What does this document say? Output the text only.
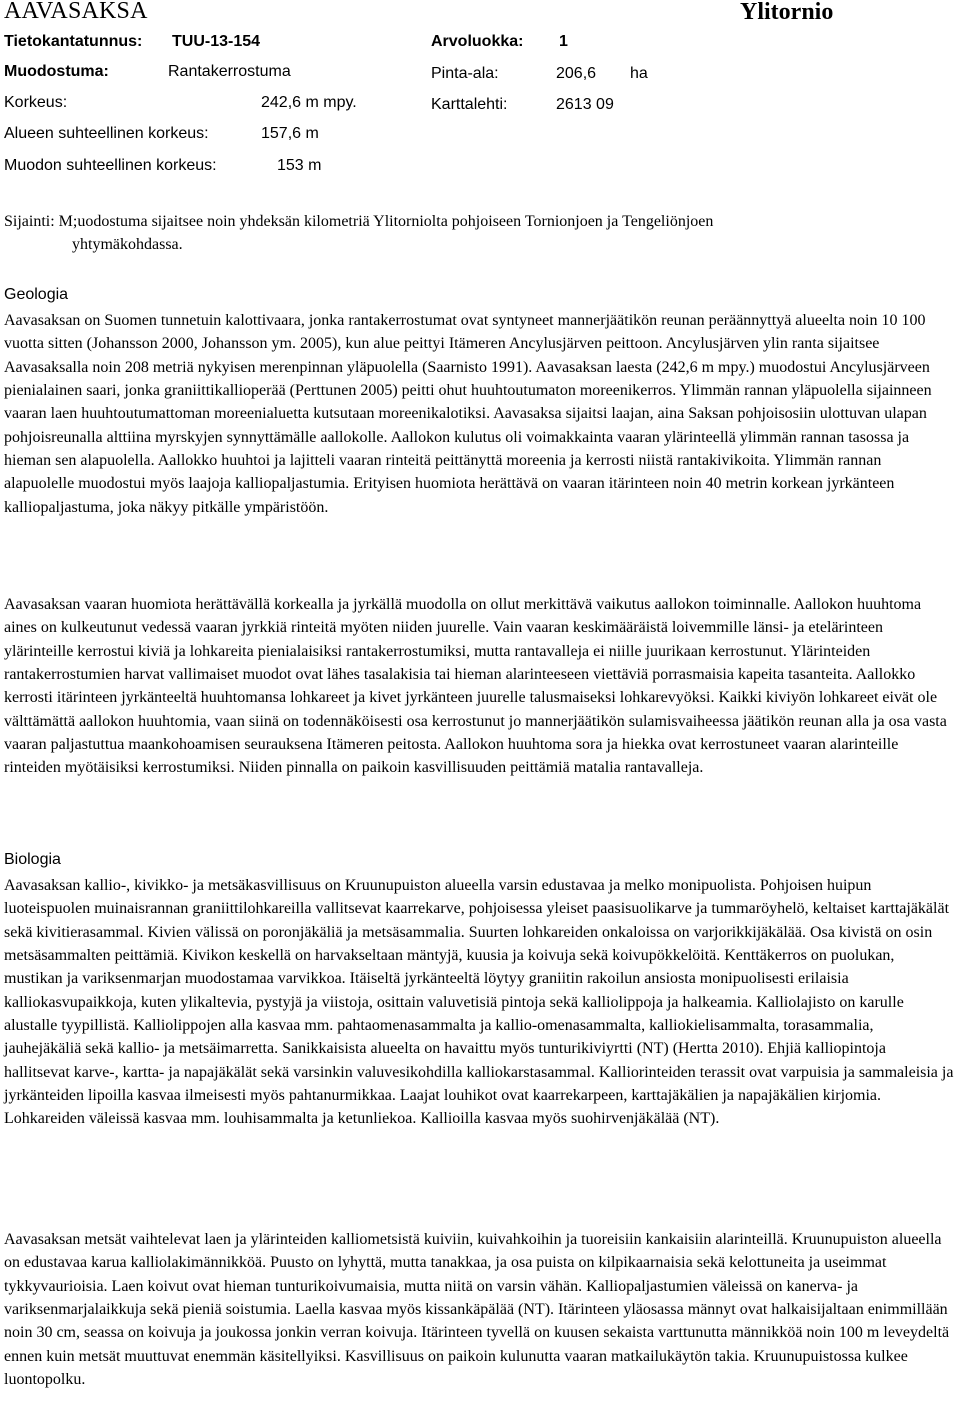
AAVASAKSA	Ylitornio
Tietokantatunnus: TUU-13-154	Arvoluokka: 1
Muodostuma:	Rantakerrostuma	Pinta-ala:	206,6 ha
Korkeus:	242,6 m mpy.	Karttalehti:	2613 09
Alueen suhteellinen korkeus:	157,6 m
Muodon suhteellinen korkeus:	153 m
Sijainti: M;uodostuma sijaitsee noin yhdeksän kilometriä Ylitorniolta pohjoiseen Tornionjoen ja Tengeliönjoen
yhtymäkohdassa.
Geologia
Aavasaksan on Suomen tunnetuin kalottivaara, jonka rantakerrostumat ovat syntyneet mannerjäätikön reunan peräännyttyä alueelta noin 10 100 vuotta sitten (Johansson 2000, Johansson ym. 2005), kun alue peittyi Itämeren Ancylusjärven peittoon. Ancylusjärven ylin ranta sijaitsee Aavasaksalla noin 208 metriä nykyisen merenpinnan yläpuolella (Saarnisto 1991). Aavasaksan laesta (242,6 m mpy.) muodostui Ancylusjärveen pienialainen saari, jonka graniittikallioperää (Perttunen 2005) peitti ohut huuhtoutumaton moreenikerros. Ylimmän rannan yläpuolella sijainneen vaaran laen huuhtoutumattoman moreenialuetta kutsutaan moreenikalotiksi. Aavasaksa sijaitsi laajan, aina Saksan pohjoisosiin ulottuvan ulapan pohjoisreunalla alttiina myrskyjen synnyttämälle aallokolle. Aallokon kulutus oli voimakkainta vaaran ylärinteellä ylimmän rannan tasossa ja hieman sen alapuolella. Aallokko huuhtoi ja lajitteli vaaran rinteitä peittänyttä moreenia ja kerrosti niistä rantakivikoita. Ylimmän rannan alapuolelle muodostui myös laajoja kalliopaljastumia. Erityisen huomiota herättävä on vaaran itärinteen noin 40 metrin korkean jyrkänteen kalliopaljastuma, joka näkyy pitkälle ympäristöön.
Aavasaksan vaaran huomiota herättävällä korkealla ja jyrkällä muodolla on ollut merkittävä vaikutus aallokon toiminnalle. Aallokon huuhtoma aines on kulkeutunut vedessä vaaran jyrkkiä rinteitä myöten niiden juurelle. Vain vaaran keskimääräistä loivemmille länsi- ja etelärinteen ylärinteille kerrostui kiviä ja lohkareita pienialaisiksi rantakerrostumiksi, mutta rantavalleja ei niille juurikaan kerrostunut. Ylärinteiden rantakerrostumien harvat vallimaiset muodot ovat lähes tasalakisia tai hieman alarinteeseen viettäviä porrasmaisia kapeita tasanteita. Aallokko kerrosti itärinteen jyrkänteeltä huuhtomansa lohkareet ja kivet jyrkänteen juurelle talusmaiseksi lohkarevyöksi. Kaikki kiviyön lohkareet eivät ole välttämättä aallokon huuhtomia, vaan siinä on todennäköisesti osa kerrostunut jo mannerjäätikön sulamisvaiheessa jäätikön reunan alla ja osa vasta vaaran paljastuttua maankohoamisen seurauksena Itämeren peitosta. Aallokon huuhtoma sora ja hiekka ovat kerrostuneet vaaran alarinteille rinteiden myötäisiksi kerrostumiksi. Niiden pinnalla on paikoin kasvillisuuden peittämiä matalia rantavalleja.
Biologia
Aavasaksan kallio-, kivikko- ja metsäkasvillisuus on Kruunupuiston alueella varsin edustavaa ja melko monipuolista. Pohjoisen huipun luoteispuolen muinaisrannan graniittilohkareilla vallitsevat kaarrekarve, pohjoisessa yleiset paasisuolikarve ja tummaröyhelö, keltaiset karttajäkälät sekä kivitierasammal. Kivien välissä on poronjäkäliä ja metsäsammalia. Suurten lohkareiden onkaloissa on varjorikkijäkälää. Osa kivistä on osin metsäsammalten peittämiä. Kivikon keskellä on harvakseltaan mäntyjä, kuusia ja koivuja sekä koivupökkelöitä. Kenttäkerros on puolukan, mustikan ja variksenmarjan muodostamaa varvikkoa. Itäiseltä jyrkänteeltä löytyy graniitin rakoilun ansiosta monipuolisesti erilaisia kalliokasvupaikkoja, kuten ylikaltevia, pystyjä ja viistoja, osittain valuvetisiä pintoja sekä kalliolippoja ja halkeamia. Kalliolajisto on karulle alustalle tyypillistä. Kalliolippojen alla kasvaa mm. pahtaomenasammalta ja kallio-omenasammalta, kalliokielisammalta, torasammalia, jauhejäkäliä sekä kallio- ja metsäimarretta. Sanikkaisista alueelta on havaittu myös tunturikiviyrtti (NT) (Hertta 2010). Ehjiä kalliopintoja hallitsevat karve-, kartta- ja napajäkälät sekä varsinkin valuvesikohdilla kalliokarstasammal. Kalliorinteiden terassit ovat varpuisia ja sammaleisia ja jyrkänteiden lipoilla kasvaa ilmeisesti myös pahtanurmikkaa. Laajat louhikot ovat kaarrekarpeen, karttajäkälien ja napajäkälien kirjomia. Lohkareiden väleissä kasvaa mm. louhisammalta ja ketunliekoa. Kallioilla kasvaa myös suohirvenjäkälää (NT).
Aavasaksan metsät vaihtelevat laen ja ylärinteiden kalliometsistä kuiviin, kuivahkoihin ja tuoreisiin kankaisiin alarinteillä. Kruunupuiston alueella on edustavaa karua kalliolakimännikköä. Puusto on lyhyttä, mutta tanakkaa, ja osa puista on kilpikaarnaisia sekä kelottuneita ja useimmat tykkyvaurioisia. Laen koivut ovat hieman tunturikoivumaisia, mutta niitä on varsin vähän. Kalliopaljastumien väleissä on kanerva- ja variksenmarjalaikkuja sekä pieniä soistumia. Laella kasvaa myös kissankäpälää (NT). Itärinteen yläosassa männyt ovat halkaisijaltaan enimmillään noin 30 cm, seassa on koivuja ja joukossa jonkin verran koivuja. Itärinteen tyvellä on kuusen sekaista varttunutta männikköä noin 100 m leveydeltä ennen kuin metsät muuttuvat enemmän käsitellyiksi. Kasvillisuus on paikoin kulunutta vaaran matkailukäytön takia. Kruunupuistossa kulkee luontopolku.
